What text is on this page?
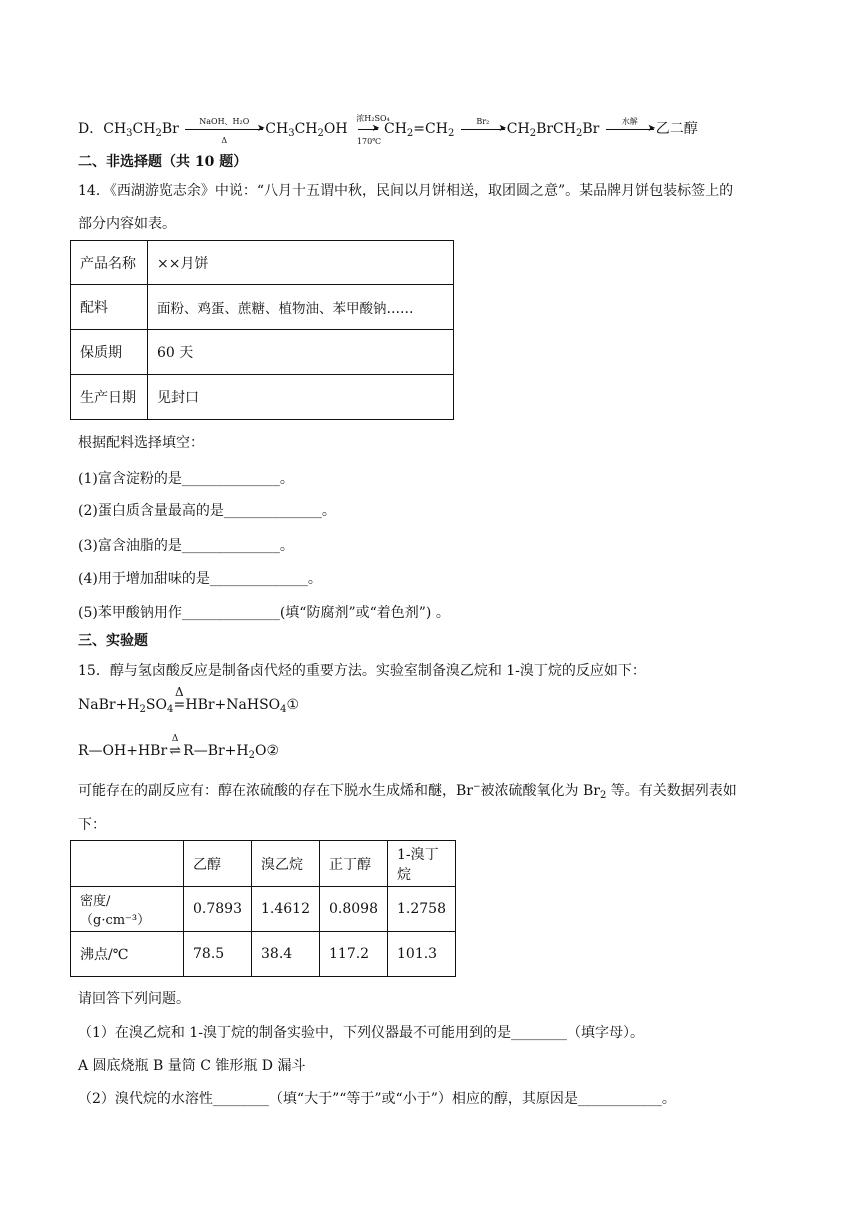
D．$CH_3CH_2Br$	NaOH、H₂O
➤
Δ
$CH_3CH_2OH$
浓H₂SO₄
➤
170℃
$CH_2=CH_2$
Br₂
➤ $CH_2BrCH_2Br$	水解
➤ 乙二醇
二、非选择题（共 10 题）
14．《西湖游览志余》中说：“八月十五谓中秋，民间以月饼相送，取团圆之意”。某品牌月饼包装标签上的
部分内容如表。
产品名称	××月饼
配料	面粉、鸡蛋、蔗糖、植物油、苯甲酸钠……
保质期	60 天
生产日期	见封口
根据配料选择填空：
(1)富含淀粉的是______________。
(2)蛋白质含量最高的是______________。
(3)富含油脂的是______________。
(4)用于增加甜味的是______________。
(5)苯甲酸钠用作______________(填“防腐剂”或“着色剂”) 。
三、实验题
15．醇与氢卤酸反应是制备卤代烃的重要方法。实验室制备溴乙烷和 1-溴丁烷的反应如下：
$NaBr+H_2SO_4$
Δ
=HBr+NaHSO$_4$①
R—OH+HBr
Δ
⇌ $R—Br+H_2O②$
可能存在的副反应有：醇在浓硫酸的存在下脱水生成烯和醚，Br−被浓硫酸氧化为 $Br_2$ 等。有关数据列表如
下：
	乙醇	溴乙烷	正丁醇	1-溴丁烷
密度/（g·cm⁻³）	0.7893	1.4612	0.8098	1.2758
沸点/℃	78.5	38.4	117.2	101.3
请回答下列问题。
（1）在溴乙烷和 1-溴丁烷的制备实验中，下列仪器最不可能用到的是________（填字母）。
A 圆底烧瓶 B 量筒 C 锥形瓶 D 漏斗
（2）溴代烷的水溶性________（填“大于”“等于”或“小于”）相应的醇，其原因是____________。
